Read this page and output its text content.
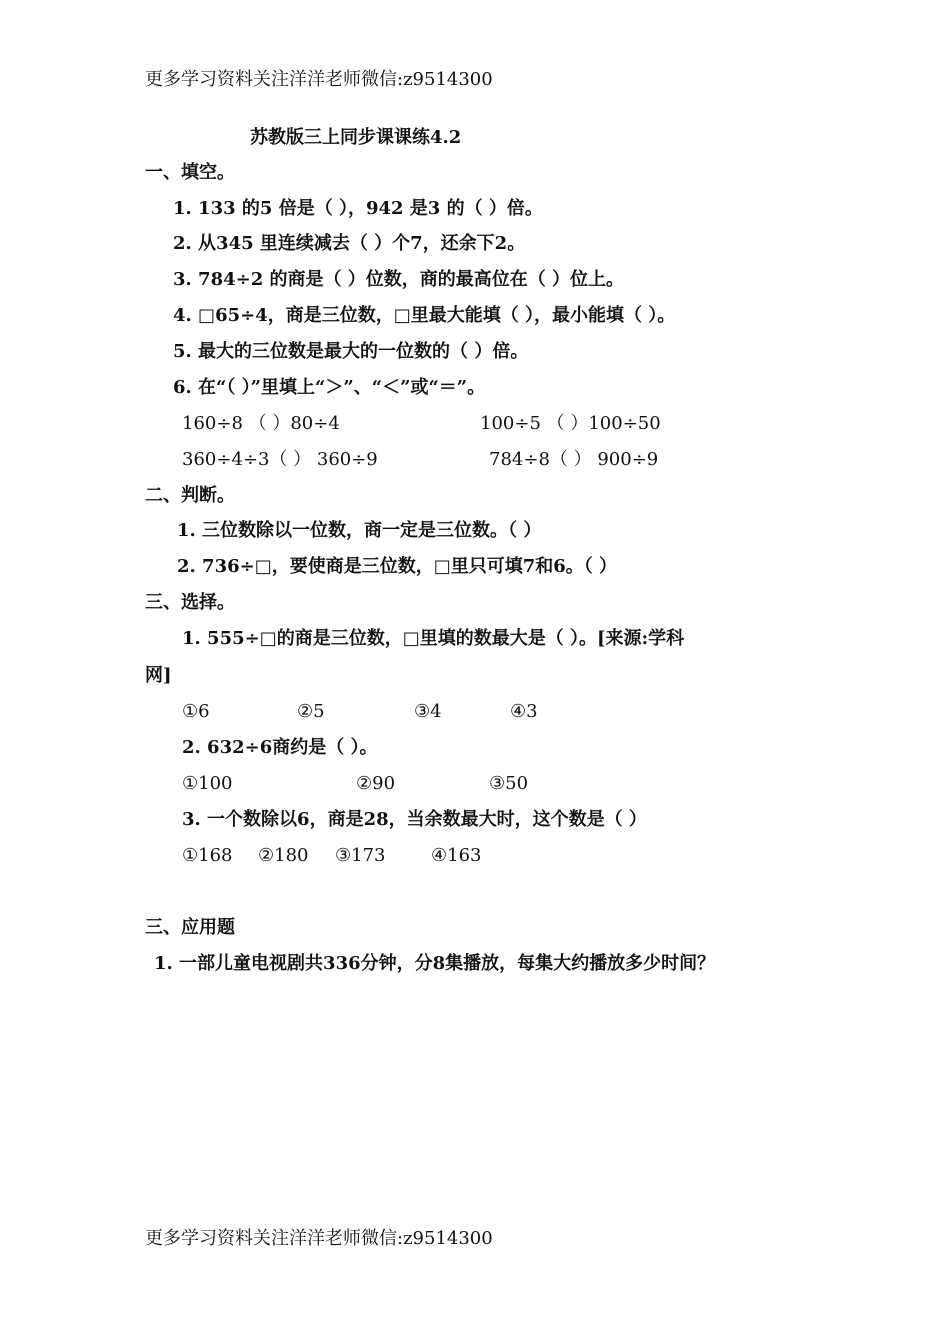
更多学习资料关注洋洋老师微信:z9514300
苏教版三上同步课课练4.2
一、填空。
1. 133 的5 倍是（ ），942 是3 的（ ）倍。
2. 从345 里连续减去（ ）个7，还余下2。
3. 784÷2 的商是（ ）位数，商的最高位在（ ）位上。
4. □65÷4，商是三位数，□里最大能填（ ），最小能填（ ）。
5. 最大的三位数是最大的一位数的（ ）倍。
6. 在“（ ）”里填上“＞”、“＜”或“＝”。
160÷8 （ ）80÷4	100÷5 （ ）100÷50
360÷4÷3（ ） 360÷9	784÷8（ ） 900÷9
二、判断。
1. 三位数除以一位数，商一定是三位数。（ ）
2. 736÷□，要使商是三位数，□里只可填7和6。（ ）
三、选择。
1. 555÷□的商是三位数，□里填的数最大是（ ）。[来源:学科
网]
①6	②5	③4	④3
2. 632÷6商约是（ ）。
①100	②90	③50
3. 一个数除以6，商是28，当余数最大时，这个数是（ ）
①168 ②180 ③173	④163
三、应用题
1. 一部儿童电视剧共336分钟，分8集播放，每集大约播放多少时间？
更多学习资料关注洋洋老师微信:z9514300
